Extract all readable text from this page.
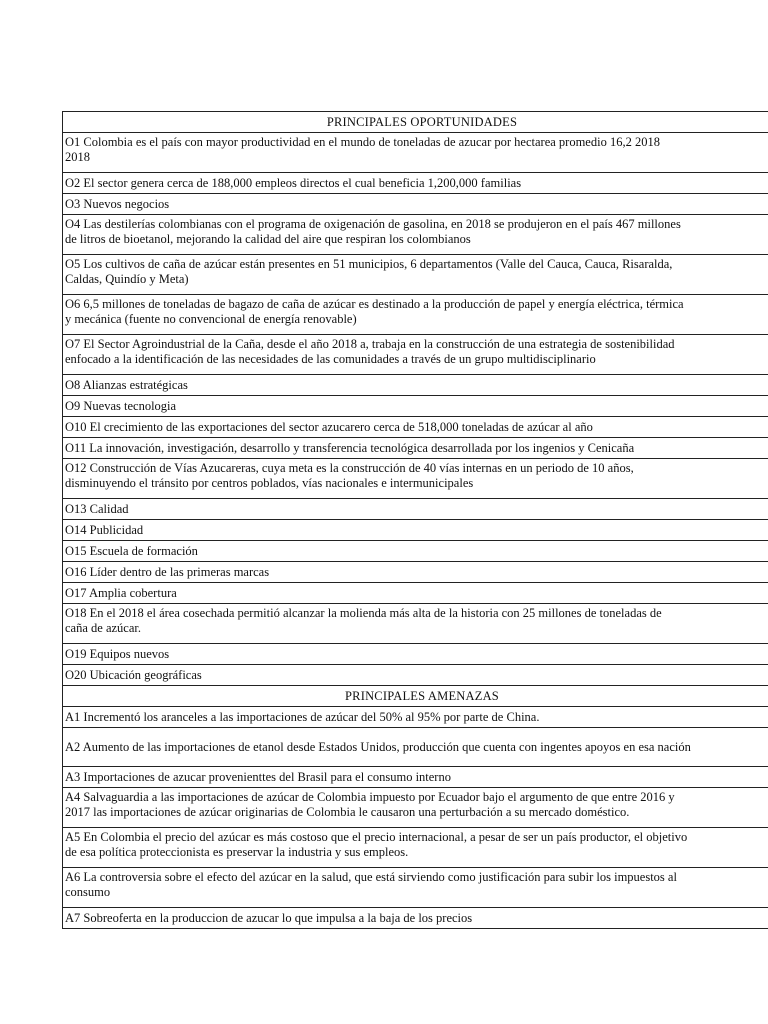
PRINCIPALES OPORTUNIDADES

O1 Colombia es el país con mayor productividad en el mundo de toneladas de azucar por hectarea promedio 16,2 2018
2018

O2 El sector genera cerca de 188,000 empleos directos el cual beneficia 1,200,000 familias

O3 Nuevos negocios

O4 Las destilerías colombianas con el programa de oxigenación de gasolina, en 2018 se produjeron en el país 467 millones
de litros de bioetanol, mejorando la calidad del aire que respiran los colombianos

O5 Los cultivos de caña de azúcar están presentes en 51 municipios, 6 departamentos (Valle del Cauca, Cauca, Risaralda,
Caldas, Quindío y Meta)

O6 6,5 millones de toneladas de bagazo de caña de azúcar es destinado a la producción de papel y energía eléctrica, térmica
y mecánica (fuente no convencional de energía renovable)

O7 El Sector Agroindustrial de la Caña, desde el año 2018 a, trabaja en la construcción de una estrategia de sostenibilidad
enfocado a la identificación de las necesidades de las comunidades a través de un grupo multidisciplinario

O8 Alianzas estratégicas

O9 Nuevas tecnologia

O10 El crecimiento de las exportaciones del sector azucarero cerca de 518,000 toneladas de azúcar al año

O11 La innovación, investigación, desarrollo y transferencia tecnológica desarrollada por los ingenios y Cenicaña

O12 Construcción de Vías Azucareras, cuya meta es la construcción de 40 vías internas en un periodo de 10 años,
disminuyendo el tránsito por centros poblados, vías nacionales e intermunicipales

O13 Calidad

O14 Publicidad

O15 Escuela de formación

O16 Líder dentro de las primeras marcas

O17 Amplia cobertura

O18 En el 2018 el área cosechada permitió alcanzar la molienda más alta de la historia con 25 millones de toneladas de
caña de azúcar.

O19 Equipos nuevos

O20 Ubicación geográficas

PRINCIPALES AMENAZAS

A1 Incrementó los aranceles a las importaciones de azúcar del 50% al 95% por parte de China.

A2 Aumento de las importaciones de etanol desde Estados Unidos, producción que cuenta con ingentes apoyos en esa nación

A3 Importaciones de azucar provenienttes del Brasil para el consumo interno

A4 Salvaguardia a las importaciones de azúcar de Colombia impuesto por Ecuador bajo el argumento de que entre 2016 y
2017 las importaciones de azúcar originarias de Colombia le causaron una perturbación a su mercado doméstico.

A5 En Colombia el precio del azúcar es más costoso que el precio internacional, a pesar de ser un país productor, el objetivo
de esa política proteccionista es preservar la industria y sus empleos.

A6 La controversia sobre el efecto del azúcar en la salud, que está sirviendo como justificación para subir los impuestos al
consumo

A7 Sobreoferta en la produccion de azucar lo que impulsa a la baja de los precios
